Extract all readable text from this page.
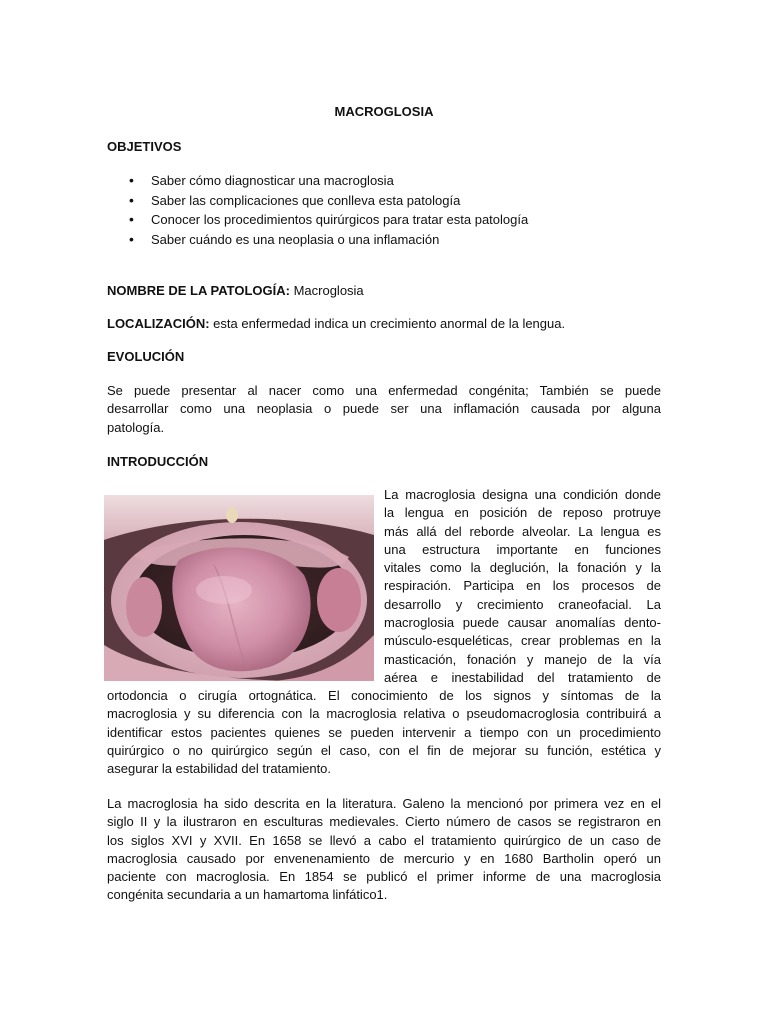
MACROGLOSIA
OBJETIVOS
• Saber cómo diagnosticar una macroglosia
• Saber las complicaciones que conlleva esta patología
• Conocer los procedimientos quirúrgicos para tratar esta patología
• Saber cuándo es una neoplasia o una inflamación
NOMBRE DE LA PATOLOGÍA: Macroglosia
LOCALIZACIÓN: esta enfermedad indica un crecimiento anormal de la lengua.
EVOLUCIÓN
Se puede presentar al nacer como una enfermedad congénita; También se puede
desarrollar como una neoplasia o puede ser una inflamación causada por alguna
patología.
INTRODUCCIÓN
La macroglosia designa una condición donde
la lengua en posición de reposo protruye
más allá del reborde alveolar. La lengua es
una estructura importante en funciones
vitales como la deglución, la fonación y la
respiración. Participa en los procesos de
desarrollo y crecimiento craneofacial. La
macroglosia puede causar anomalías dento-
músculo-esqueléticas, crear problemas en la
masticación, fonación y manejo de la vía
aérea e inestabilidad del tratamiento de
ortodoncia o cirugía ortognática. El conocimiento de los signos y síntomas de la
macroglosia y su diferencia con la macroglosia relativa o pseudomacroglosia contribuirá a
identificar estos pacientes quienes se pueden intervenir a tiempo con un procedimiento
quirúrgico o no quirúrgico según el caso, con el fin de mejorar su función, estética y
asegurar la estabilidad del tratamiento.
La macroglosia ha sido descrita en la literatura. Galeno la mencionó por primera vez en el
siglo II y la ilustraron en esculturas medievales. Cierto número de casos se registraron en
los siglos XVI y XVII. En 1658 se llevó a cabo el tratamiento quirúrgico de un caso de
macroglosia causado por envenenamiento de mercurio y en 1680 Bartholin operó un
paciente con macroglosia. En 1854 se publicó el primer informe de una macroglosia
congénita secundaria a un hamartoma linfático1.
